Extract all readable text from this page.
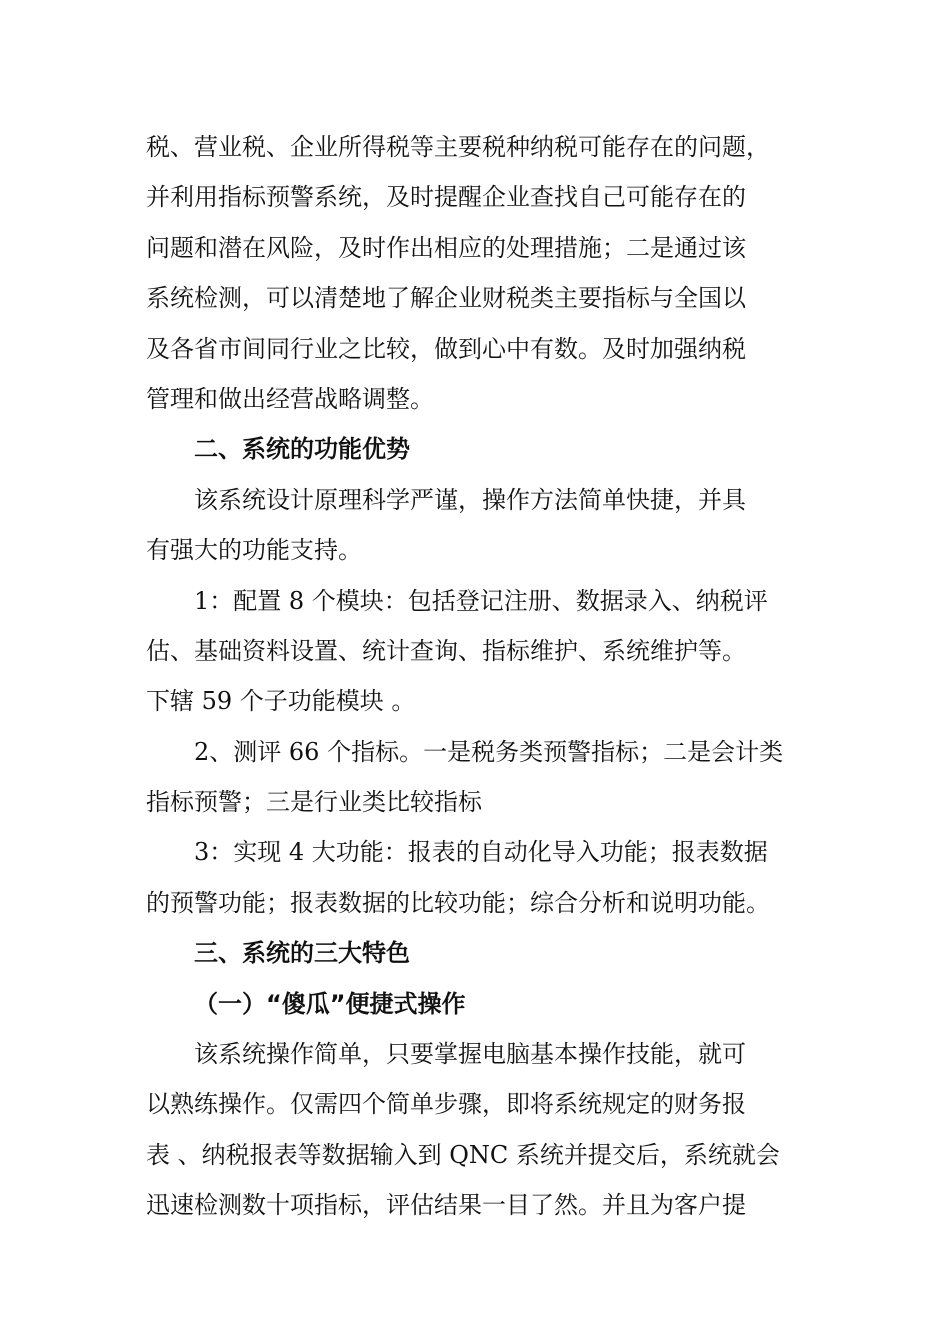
税、营业税、企业所得税等主要税种纳税可能存在的问题，
并利用指标预警系统，及时提醒企业查找自己可能存在的
问题和潜在风险，及时作出相应的处理措施；二是通过该
系统检测，可以清楚地了解企业财税类主要指标与全国以
及各省市间同行业之比较，做到心中有数。及时加强纳税
管理和做出经营战略调整。
二、系统的功能优势
该系统设计原理科学严谨，操作方法简单快捷，并具
有强大的功能支持。
1：配置 8 个模块：包括登记注册、数据录入、纳税评
估、基础资料设置、统计查询、指标维护、系统维护等。
下辖 59 个子功能模块 。
2、测评 66 个指标。一是税务类预警指标；二是会计类
指标预警；三是行业类比较指标
3：实现 4 大功能：报表的自动化导入功能；报表数据
的预警功能；报表数据的比较功能；综合分析和说明功能。
三、系统的三大特色
（一）“傻瓜”便捷式操作
该系统操作简单，只要掌握电脑基本操作技能，就可
以熟练操作。仅需四个简单步骤，即将系统规定的财务报
表 、纳税报表等数据输入到 QNC 系统并提交后，系统就会
迅速检测数十项指标，评估结果一目了然。并且为客户提
